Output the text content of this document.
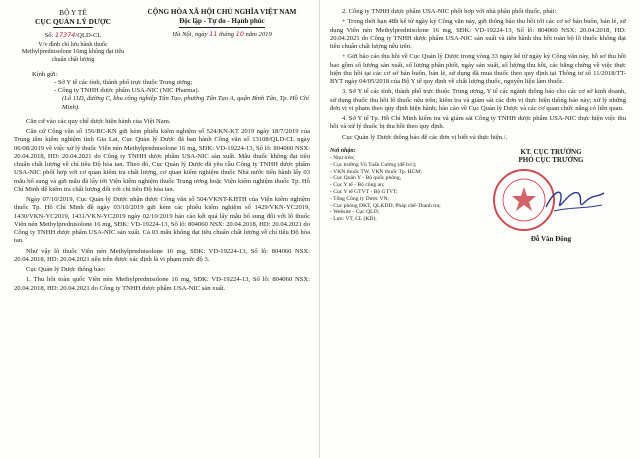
BỘ Y TẾ
CỤC QUẢN LÝ DƯỢC
Số: 17374/QLD-CL
V/v đình chỉ lưu hành thuốc Methylprednisolone 16mg không đạt tiêu chuẩn chất lượng
CỘNG HÒA XÃ HỘI CHỦ NGHĨA VIỆT NAM
Độc lập - Tự do - Hạnh phúc
Hà Nội, ngày 11 tháng 10 năm 2019
Kính gửi:
- Sở Y tế các tỉnh, thành phố trực thuộc Trung ương;
- Công ty TNHH dược phẩm USA-NIC (NIC Pharma).
(Lô 11D, đường C, khu công nghiệp Tân Tạo, phường Tân Tạo A, quận Bình Tân, Tp. Hồ Chí Minh).

Căn cứ vào các quy chế dược hiện hành của Việt Nam.

Căn cứ Công văn số 156/BC-KN gửi kèm phiếu kiểm nghiệm số 524/KN-KT 2019 ngày 18/7/2019 của Trung tâm kiểm nghiệm tỉnh Gia Lai, Cục Quản lý Dược đã ban hành Công văn số 13108/QLD-CL ngày 06/08/2019 về việc xử lý thuốc Viên nén Methylprednisolone 16 mg, SĐK: VD-19224-13, Số lô: 804060 NSX: 20.04.2018, HD: 20.04.2021 do Công ty TNHH dược phẩm USA-NIC sản xuất. Mẫu thuốc không đạt tiêu chuẩn chất lượng về chỉ tiêu Độ hòa tan. Theo đó, Cục Quản lý Dược đã yêu cầu Công ty TNHH dược phẩm USA-NIC phối hợp với cơ quan kiểm tra chất lượng, cơ quan kiểm nghiệm thuốc Nhà nước tiến hành lấy 03 mẫu bổ sung và gửi mẫu đã lấy tới Viện kiểm nghiệm thuốc Trung ương hoặc Viện kiểm nghiệm thuốc Tp. Hồ Chí Minh để kiểm tra chất lượng đối với chỉ tiêu Độ hòa tan.

Ngày 07/10/2019, Cục Quản lý Dược nhận được Công văn số 504/VKNT-KHTH của Viện kiểm nghiệm thuốc Tp. Hồ Chí Minh đề ngày 03/10/2019 gửi kèm các phiếu kiểm nghiệm số 1429/VKN-YC2019, 1430/VKN-YC2019, 1431/VKN-YC2019 ngày 02/10/2019 báo cáo kết quả lấy mẫu bổ sung đối với lô thuốc Viên nén Methylprednisolone 16 mg, SĐK: VD-19224-13, Số lô: 804060 NSX: 20.04.2018, HD: 20.04.2021 do Công ty TNHH dược phẩm USA-NIC sản xuất. Cả 03 mẫu không đạt tiêu chuẩn chất lượng về chỉ tiêu Độ hòa tan.

Như vậy lô thuốc Viên nén Methylprednisolone 16 mg, SĐK: VD-19224-13, Số lô: 804060 NSX: 20.04.2018, HD: 20.04.2021 nêu trên được xác định là vi phạm mức độ 3.

Cục Quản lý Dược thông báo:

1. Thu hồi toàn quốc Viên nén Methylprednisolone 16 mg, SĐK: VD-19224-13, Số lô: 804060 NSX: 20.04.2018, HD: 20.04.2021 do Công ty TNHH dược phẩm USA-NIC sản xuất.

2. Công ty TNHH dược phẩm USA-NIC phối hợp với nhà phân phối thuốc, phải:

+ Trong thời hạn 48h kể từ ngày ký Công văn này, gửi thông báo thu hồi tới các cơ sở bán buôn, bán lẻ, sử dụng Viên nén Methylprednisolone 16 mg, SĐK: VD-19224-13, Số lô: 804060 NSX: 20.04.2018, HD: 20.04.2021 do Công ty TNHH dược phẩm USA-NIC sản xuất và tiến hành thu hồi toàn bộ lô thuốc không đạt tiêu chuẩn chất lượng nêu trên.

+ Gửi báo cáo thu hồi về Cục Quản lý Dược trong vòng 33 ngày kể từ ngày ký Công văn này, hồ sơ thu hồi bao gồm số lượng sản xuất, số lượng phân phối, ngày sản xuất, số lượng thu hồi, các bằng chứng về việc thực hiện thu hồi tại các cơ sở bán buôn, bán lẻ, sử dụng đã mua thuốc theo quy định tại Thông tư số 11/2018/TT-BYT ngày 04/05/2018 của Bộ Y tế quy định về chất lượng thuốc, nguyên liệu làm thuốc.

3. Sở Y tế các tỉnh, thành phố trực thuộc Trung ương, Y tế các ngành thông báo cho các cơ sở kinh doanh, sử dụng thuốc thu hồi lô thuốc nêu trên; kiểm tra và giám sát các đơn vị thực hiện thông báo này; xử lý những đơn vị vi phạm theo quy định hiện hành; báo cáo về Cục Quản lý Dược và các cơ quan chức năng có liên quan.

4. Sở Y tế Tp. Hồ Chí Minh kiểm tra và giám sát Công ty TNHH dược phẩm USA-NIC thực hiện việc thu hồi và xử lý thuốc bị thu hồi theo quy định.

Cục Quản lý Dược thông báo để các đơn vị biết và thực hiện./.

Nơi nhận:
- Như trên;
- Cục trưởng Vũ Tuấn Cường (để b/c);
- VKN thuốc TW, VKN thuốc Tp. HCM;
- Cục Quân Y - Bộ quốc phòng,
- Cục Y tế - Bộ công an;
- Cục Y tế GTVT - Bộ GTVT;
- Tổng Công ty Dược VN;
- Cục phòng DKT, QLKDD, Pháp chế-Thanh tra;
- Website - Cục QLD;
- Lưu: VT, CL (KD).
KT. CỤC TRƯỞNG
PHÓ CỤC TRƯỞNG
Đỗ Văn Đông
